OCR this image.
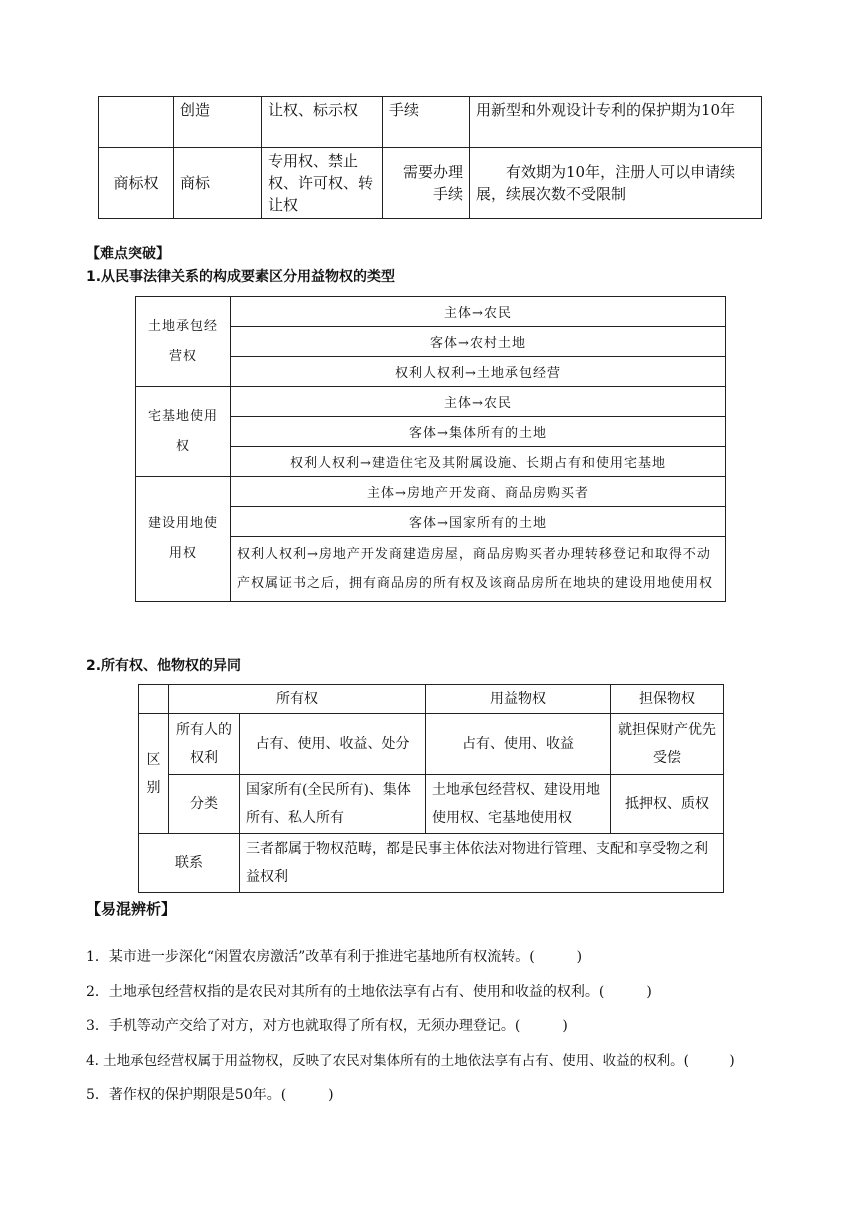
	创造	让权、标示权	手续	用新型和外观设计专利的保护期为10年
商标权	商标	专用权、禁止权、许可权、转让权	需要办理手续	有效期为10年，注册人可以申请续展，续展次数不受限制
【难点突破】
1.从民事法律关系的构成要素区分用益物权的类型
土地承包经营权	主体→农民
	客体→农村土地
	权利人权利→土地承包经营
宅基地使用权	主体→农民
	客体→集体所有的土地
	权利人权利→建造住宅及其附属设施、长期占有和使用宅基地
建设用地使用权	主体→房地产开发商、商品房购买者
	客体→国家所有的土地
	权利人权利→房地产开发商建造房屋，商品房购买者办理转移登记和取得不动产权属证书之后，拥有商品房的所有权及该商品房所在地块的建设用地使用权
2.所有权、他物权的异同
	所有权		用益物权	担保物权
区别	所有人的权利	占有、使用、收益、处分	占有、使用、收益	就担保财产优先受偿
	分类	国家所有(全民所有)、集体所有、私人所有	土地承包经营权、建设用地使用权、宅基地使用权	抵押权、质权
联系		三者都属于物权范畴，都是民事主体依法对物进行管理、支配和享受物之利益权利		
【易混辨析】
1．某市进一步深化“闲置农房激活”改革有利于推进宅基地所有权流转。(　　　)
2．土地承包经营权指的是农民对其所有的土地依法享有占有、使用和收益的权利。(　　　)
3．手机等动产交给了对方，对方也就取得了所有权，无须办理登记。(　　　)
4. 土地承包经营权属于用益物权，反映了农民对集体所有的土地依法享有占有、使用、收益的权利。(　　　)
5．著作权的保护期限是50年。(　　　)
